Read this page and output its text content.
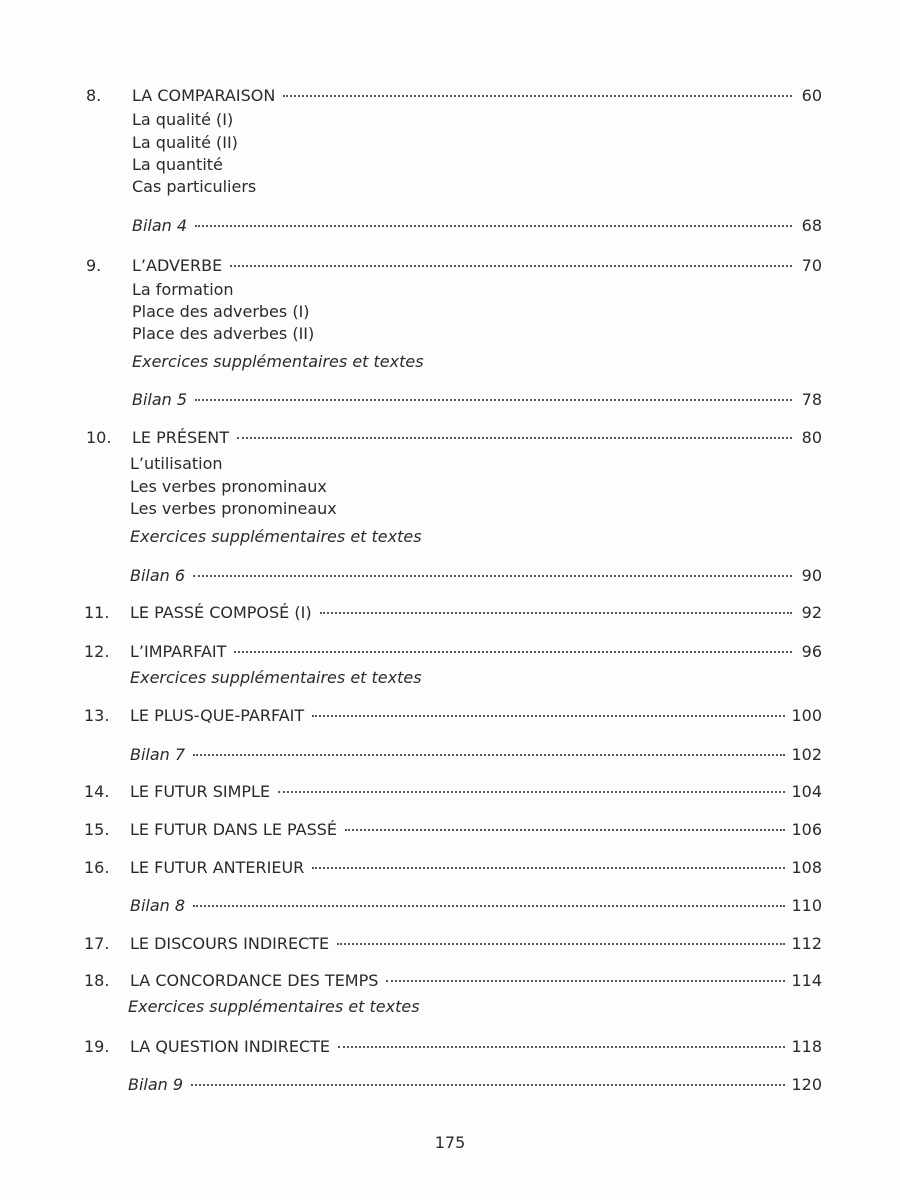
8.	LA COMPARAISON	60
La qualité (I)
La qualité (II)
La quantité
Cas particuliers
Bilan 4	68
9.	L’ADVERBE	70
La formation
Place des adverbes (I)
Place des adverbes (II)
Exercices supplémentaires et textes
Bilan 5	78
10.	LE PRÉSENT	80
L’utilisation
Les verbes pronominaux
Les verbes pronomineaux
Exercices supplémentaires et textes
Bilan 6	90
11.	LE PASSÉ COMPOSÉ (I)	92
12.	L’IMPARFAIT	96
Exercices supplémentaires et textes
13.	LE PLUS-QUE-PARFAIT	100
Bilan 7	102
14.	LE FUTUR SIMPLE	104
15.	LE FUTUR DANS LE PASSÉ	106
16.	LE FUTUR ANTERIEUR	108
Bilan 8	110
17.	LE DISCOURS INDIRECTE	112
18.	LA CONCORDANCE DES TEMPS	114
Exercices supplémentaires et textes
19.	LA QUESTION INDIRECTE	118
Bilan 9	120
175
